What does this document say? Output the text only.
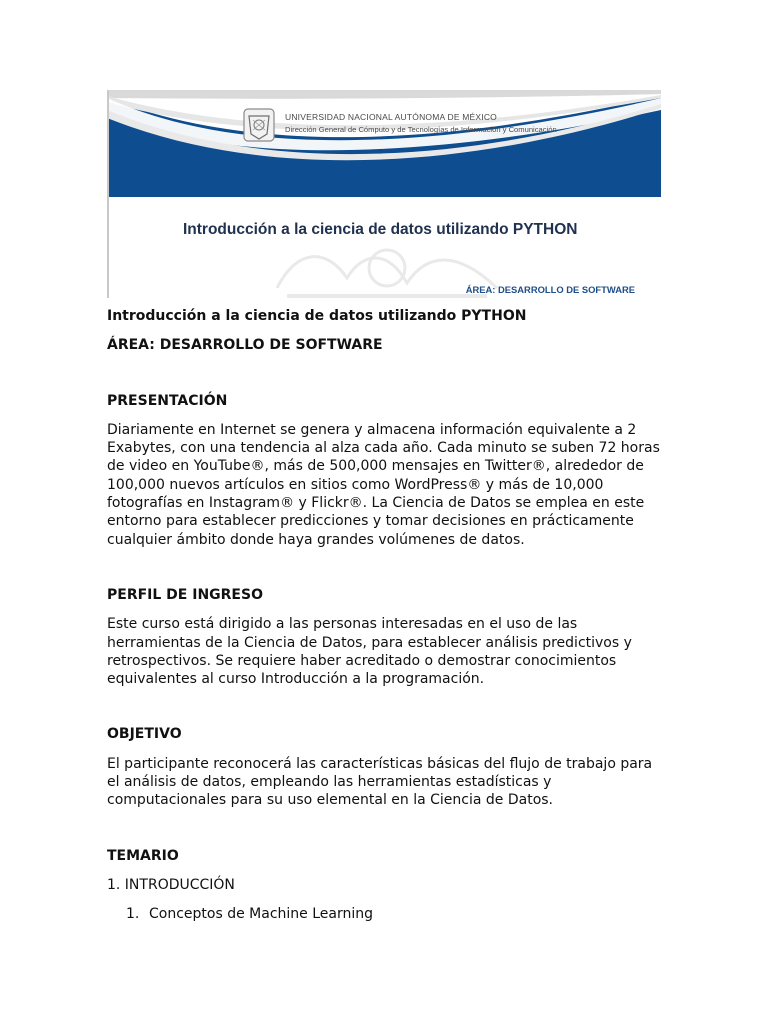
UNIVERSIDAD NACIONAL AUTÓNOMA DE MÉXICO
Dirección General de Cómputo y de Tecnologías de Información y Comunicación
Introducción a la ciencia de datos utilizando PYTHON
ÁREA: DESARROLLO DE SOFTWARE

Introducción a la ciencia de datos utilizando PYTHON

ÁREA: DESARROLLO DE SOFTWARE

PRESENTACIÓN

Diariamente en Internet se genera y almacena información equivalente a 2 Exabytes, con una tendencia al alza cada año. Cada minuto se suben 72 horas de video en YouTube®, más de 500,000 mensajes en Twitter®, alrededor de 100,000 nuevos artículos en sitios como WordPress® y más de 10,000 fotografías en Instagram® y Flickr®. La Ciencia de Datos se emplea en este entorno para establecer predicciones y tomar decisiones en prácticamente cualquier ámbito donde haya grandes volúmenes de datos.

PERFIL DE INGRESO

Este curso está dirigido a las personas interesadas en el uso de las herramientas de la Ciencia de Datos, para establecer análisis predictivos y retrospectivos. Se requiere haber acreditado o demostrar conocimientos equivalentes al curso Introducción a la programación.

OBJETIVO

El participante reconocerá las características básicas del flujo de trabajo para el análisis de datos, empleando las herramientas estadísticas y computacionales para su uso elemental en la Ciencia de Datos.

TEMARIO

1. INTRODUCCIÓN

1. Conceptos de Machine Learning
